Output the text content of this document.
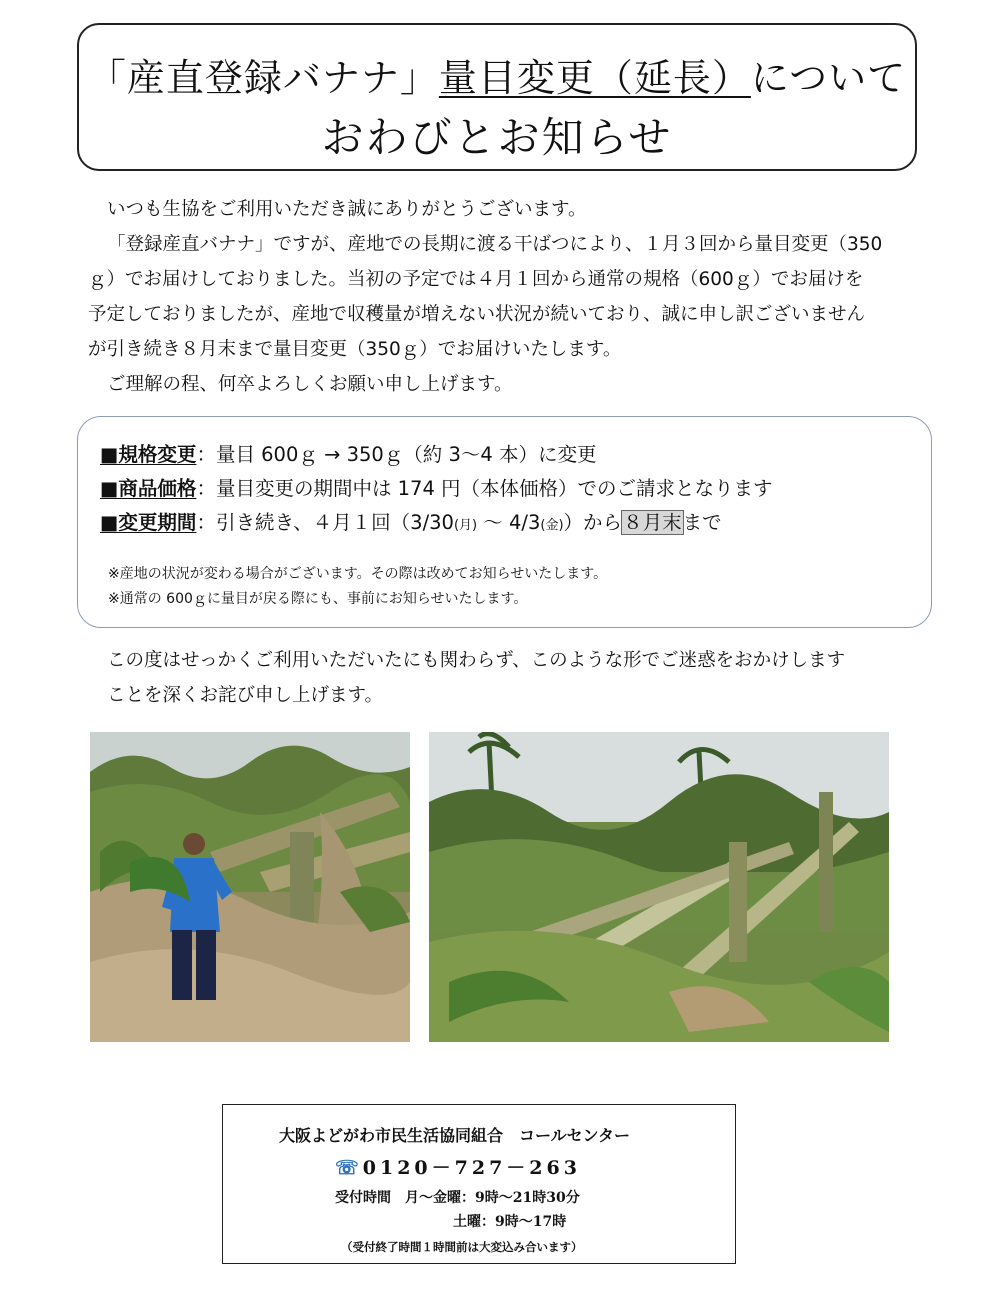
「産直登録バナナ」量目変更（延長）について
おわびとお知らせ
いつも生協をご利用いただき誠にありがとうございます。
「登録産直バナナ」ですが、産地での長期に渡る干ばつにより、１月３回から量目変更（350
ｇ）でお届けしておりました。当初の予定では４月１回から通常の規格（600ｇ）でお届けを
予定しておりましたが、産地で収穫量が増えない状況が続いており、誠に申し訳ございません
が引き続き８月末まで量目変更（350ｇ）でお届けいたします。
ご理解の程、何卒よろしくお願い申し上げます。
■規格変更：量目 600ｇ → 350ｇ（約 3～4 本）に変更
■商品価格：量目変更の期間中は 174 円（本体価格）でのご請求となります
■変更期間：引き続き、４月１回（3/30(月) ～ 4/3(金)）から８月末まで
※産地の状況が変わる場合がございます。その際は改めてお知らせいたします。
※通常の 600ｇに量目が戻る際にも、事前にお知らせいたします。
この度はせっかくご利用いただいたにも関わらず、このような形でご迷惑をおかけします
ことを深くお詫び申し上げます。
大阪よどがわ市民生活協同組合　コールセンター
☏0120－727－263
受付時間　月～金曜：9時～21時30分
土曜：9時～17時
（受付終了時間１時間前は大変込み合います）
